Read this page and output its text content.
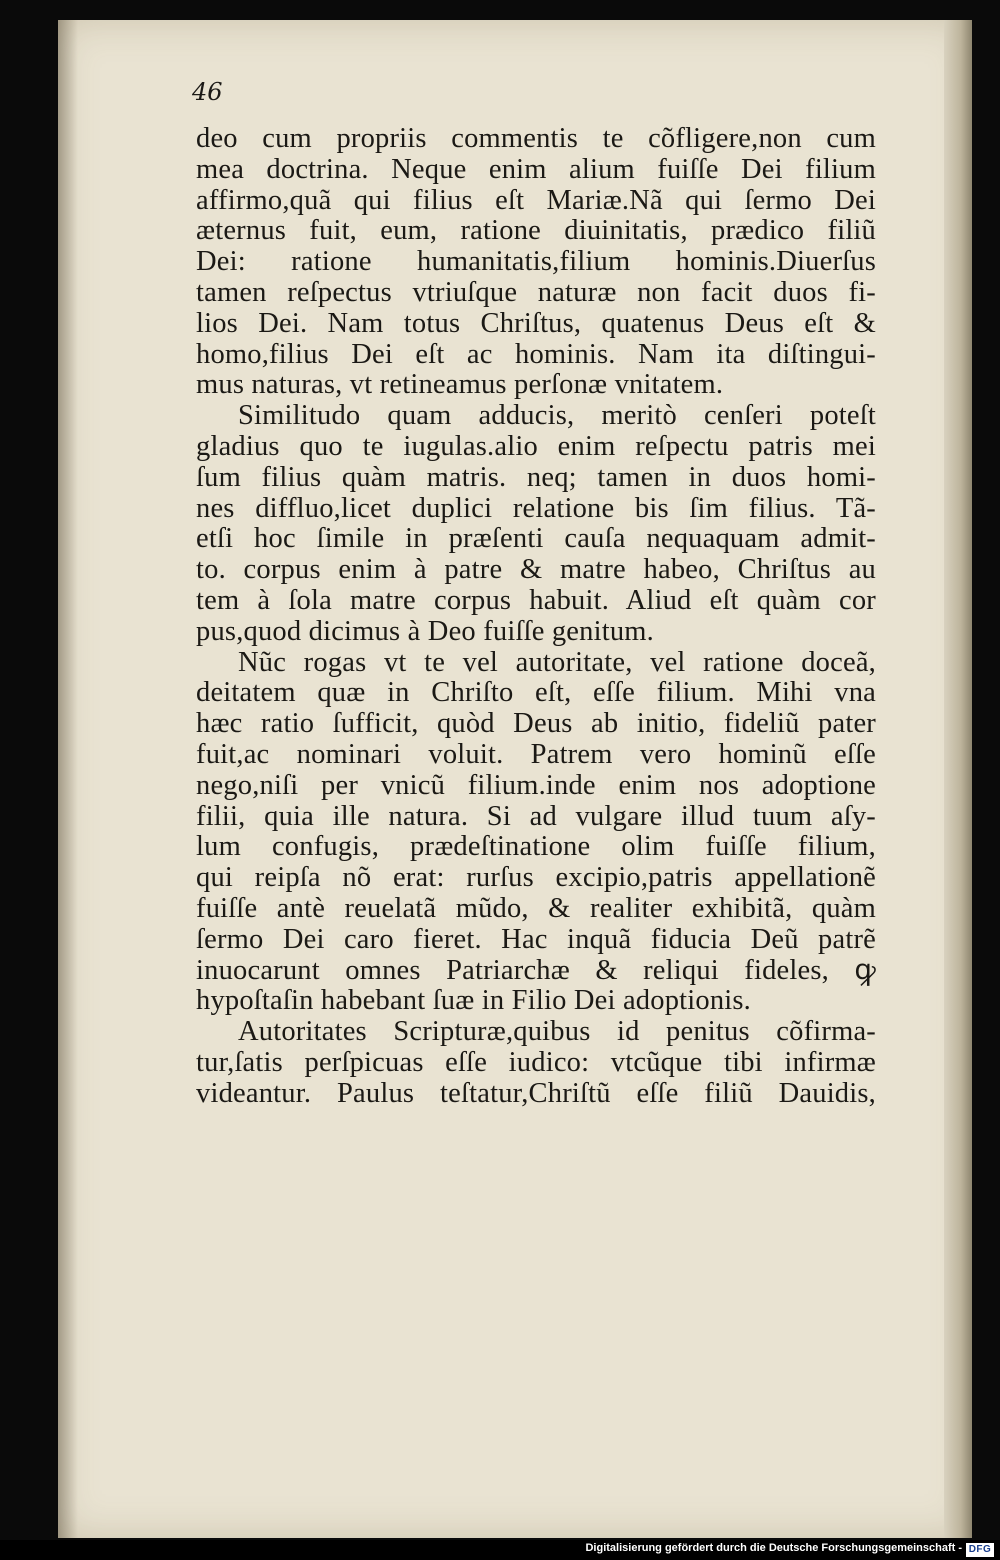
46
deo cum propriis commentis te cõfligere,non cum
mea doctrina. Neque enim alium fuiſſe Dei filium
affirmo,quã qui filius eſt Mariæ.Nã qui ſermo Dei
æternus fuit, eum, ratione diuinitatis, prædico filiũ
Dei: ratione humanitatis,filium hominis.Diuerſus
tamen reſpectus vtriuſque naturæ non facit duos fi-
lios Dei. Nam totus Chriſtus, quatenus Deus eſt &
homo,filius Dei eſt ac hominis. Nam ita diſtingui-
mus naturas, vt retineamus perſonæ vnitatem.
Similitudo quam adducis, meritò cenſeri poteſt
gladius quo te iugulas.alio enim reſpectu patris mei
ſum filius quàm matris. neq; tamen in duos homi-
nes diffluo,licet duplici relatione bis ſim filius. Tã-
etſi hoc ſimile in præſenti cauſa nequaquam admit-
to. corpus enim à patre & matre habeo, Chriſtus au
tem à ſola matre corpus habuit. Aliud eſt quàm cor
pus,quod dicimus à Deo fuiſſe genitum.
Nũc rogas vt te vel autoritate, vel ratione doceã,
deitatem quæ in Chriſto eſt, eſſe filium. Mihi vna
hæc ratio ſufficit, quòd Deus ab initio, fideliũ pater
fuit,ac nominari voluit. Patrem vero hominũ eſſe
nego,niſi per vnicũ filium.inde enim nos adoptione
filii, quia ille natura. Si ad vulgare illud tuum aſy-
lum confugis, prædeſtinatione olim fuiſſe filium,
qui reipſa nõ erat: rurſus excipio,patris appellationẽ
fuiſſe antè reuelatã mũdo, & realiter exhibitã, quàm
ſermo Dei caro fieret. Hac inquã fiducia Deũ patrẽ
inuocarunt omnes Patriarchæ & reliqui fideles, ꝙ
hypoſtaſin habebant ſuæ in Filio Dei adoptionis.
Autoritates Scripturæ,quibus id penitus cõfirma-
tur,ſatis perſpicuas eſſe iudico: vtcũque tibi infirmæ
videantur. Paulus teſtatur,Chriſtũ eſſe filiũ Dauidis,
Digitalisierung gefördert durch die Deutsche Forschungsgemeinschaft - DFG
